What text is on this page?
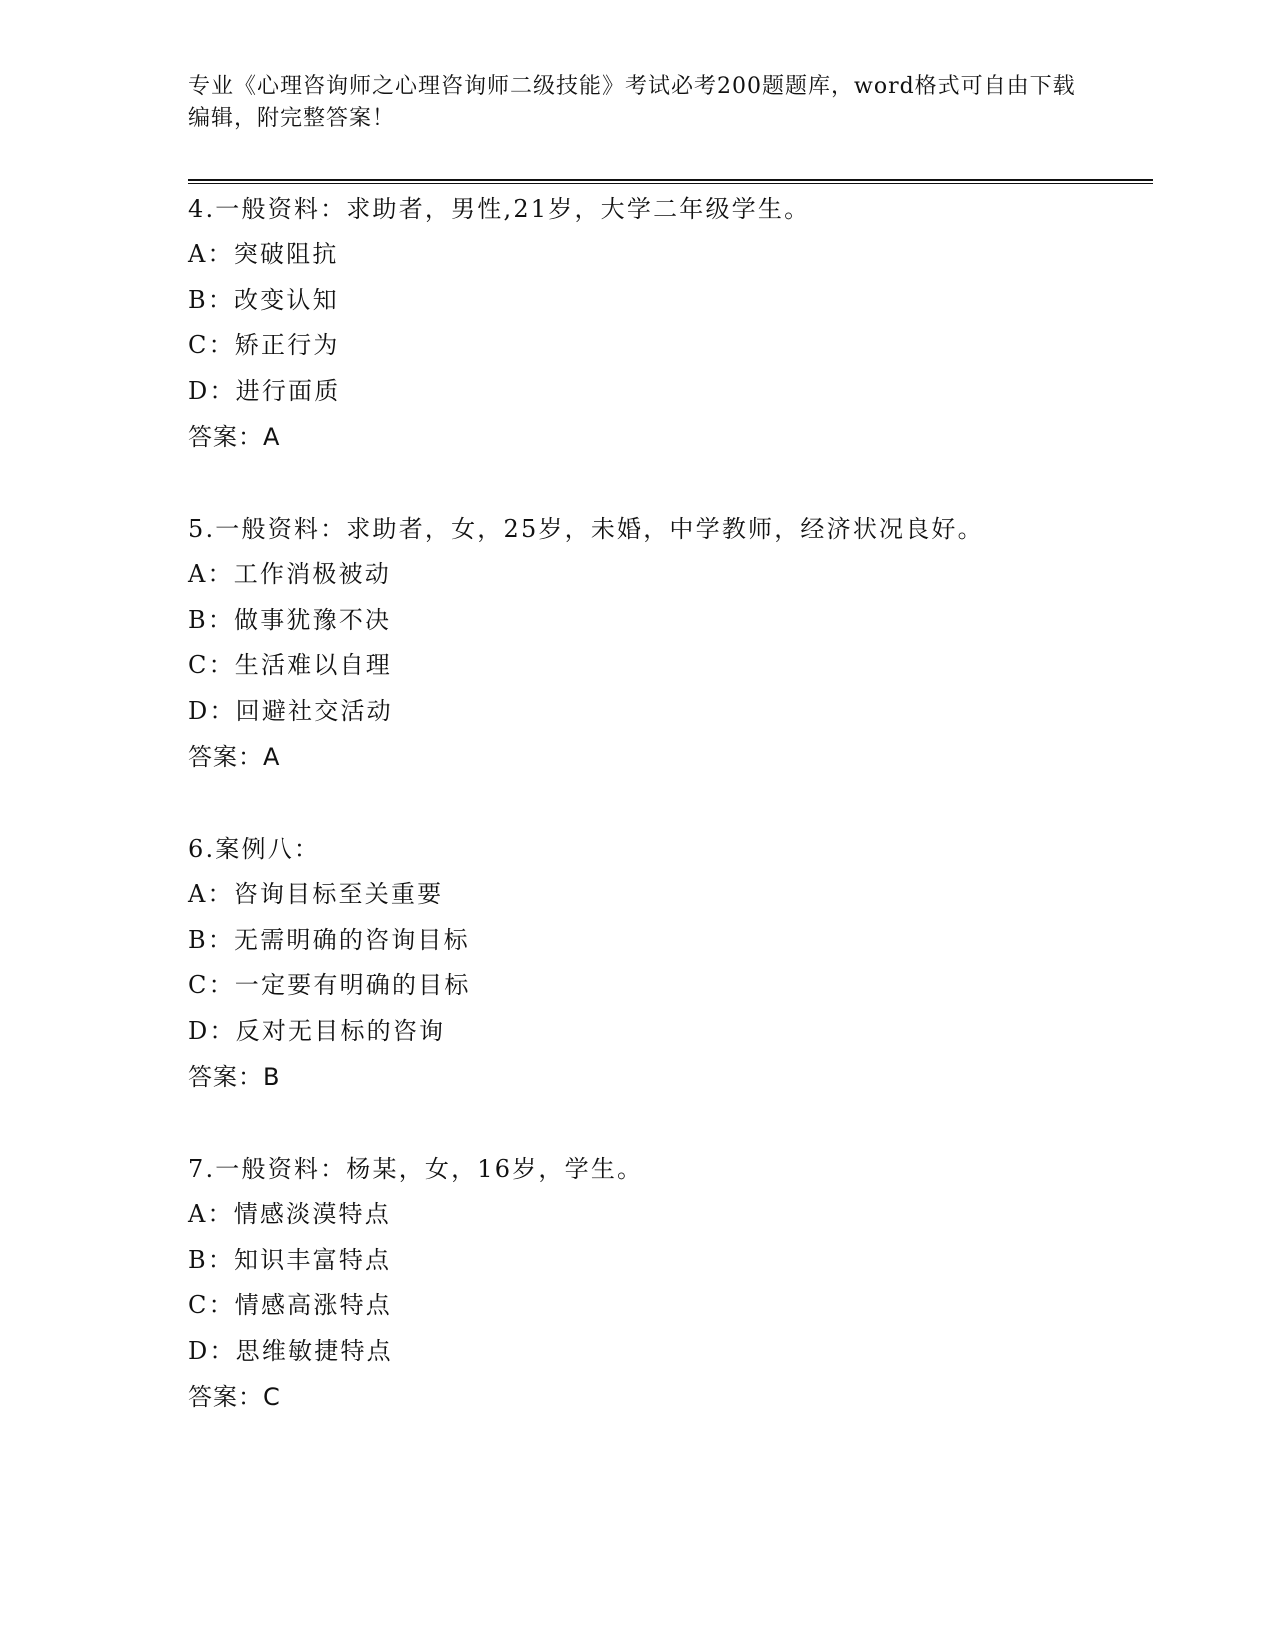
专业《心理咨询师之心理咨询师二级技能》考试必考200题题库，word格式可自由下载编辑，附完整答案！
4.一般资料：求助者，男性,21岁，大学二年级学生。
A：突破阻抗
B：改变认知
C：矫正行为
D：进行面质
答案：A
5.一般资料：求助者，女，25岁，未婚，中学教师，经济状况良好。
A：工作消极被动
B：做事犹豫不决
C：生活难以自理
D：回避社交活动
答案：A
6.案例八：
A：咨询目标至关重要
B：无需明确的咨询目标
C：一定要有明确的目标
D：反对无目标的咨询
答案：B
7.一般资料：杨某，女，16岁，学生。
A：情感淡漠特点
B：知识丰富特点
C：情感高涨特点
D：思维敏捷特点
答案：C
